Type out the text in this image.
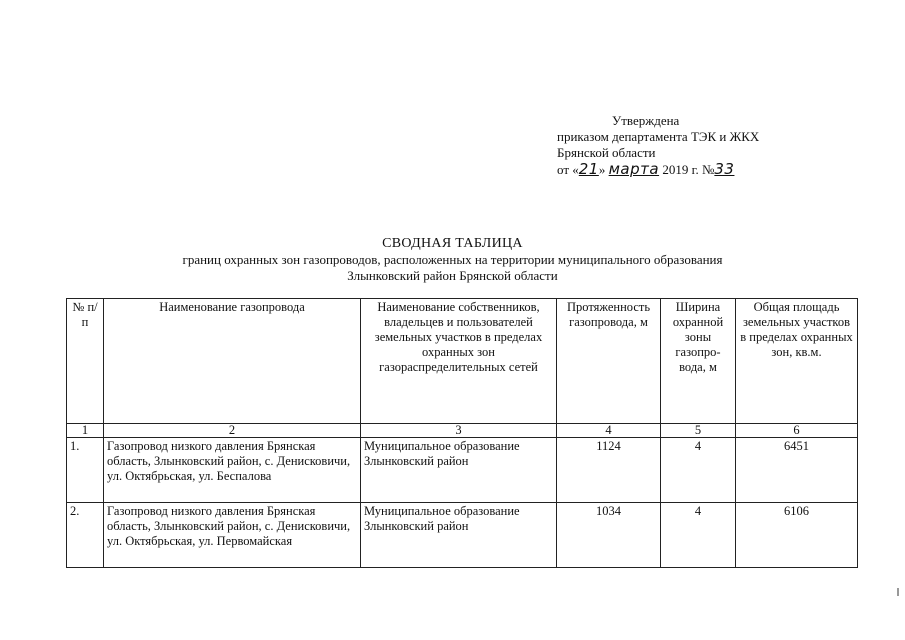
Утверждена
приказом департамента ТЭК и ЖКХ
Брянской области
от «21» марта 2019 г. №33
СВОДНАЯ ТАБЛИЦА
границ охранных зон газопроводов, расположенных на территории муниципального образования
Злынковский район Брянской области
№ п/п	Наименование газопровода	Наименование собственников, владельцев и пользователей земельных участков в пределах охранных зон газораспределительных сетей	Протяженность газопровода, м	Ширина охранной зоны газопро-вода, м	Общая площадь земельных участков в пределах охранных зон, кв.м.
1	2	3	4	5	6
1.	Газопровод низкого давления Брянская область, Злынковский район, с. Денисковичи, ул. Октябрьская, ул. Беспалова	Муниципальное образование Злынковский район	1124	4	6451
2.	Газопровод низкого давления Брянская область, Злынковский район, с. Денисковичи, ул. Октябрьская, ул. Первомайская	Муниципальное образование Злынковский район	1034	4	6106
